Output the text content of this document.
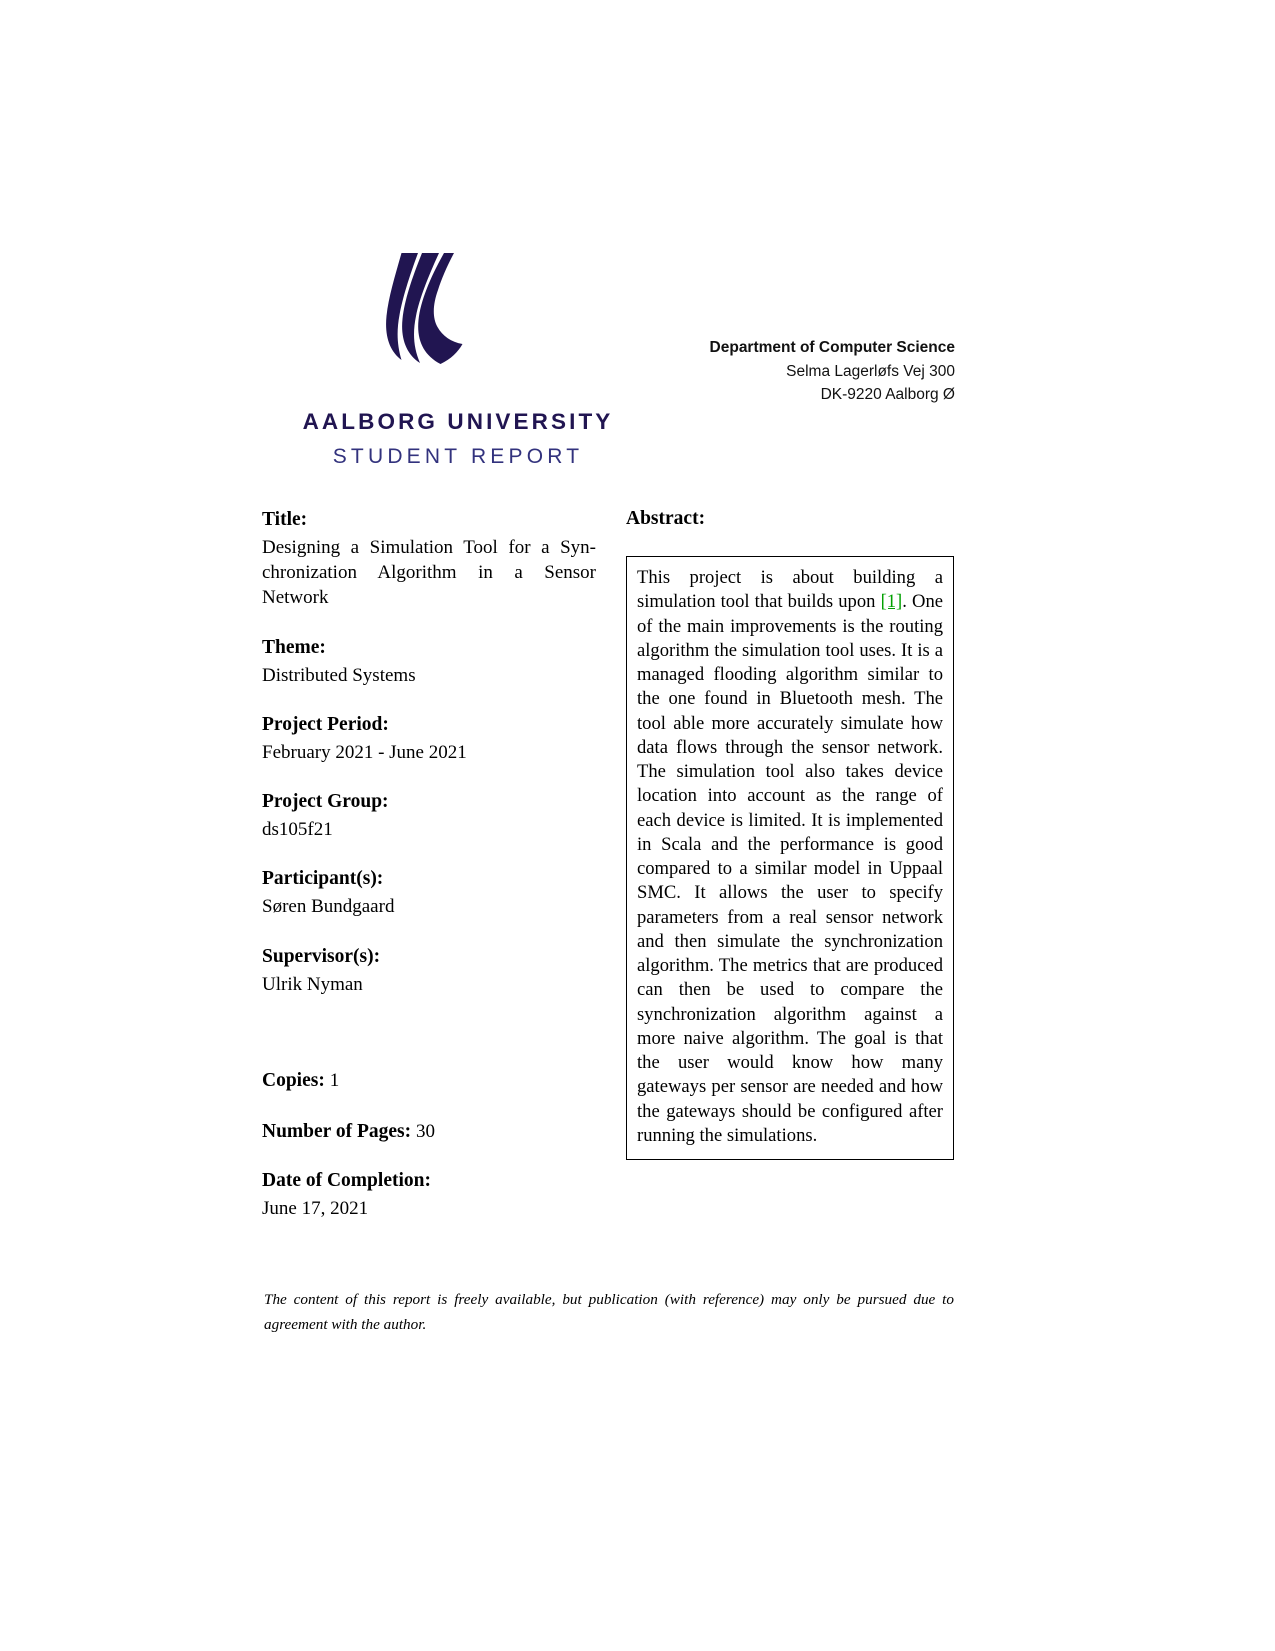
Department of Computer Science
Selma Lagerløfs Vej 300
DK-9220 Aalborg Ø
AALBORG UNIVERSITY
STUDENT REPORT
Title:
Designing a Simulation Tool for a Synchronization Algorithm in a Sensor Network
Theme:
Distributed Systems
Project Period:
February 2021 - June 2021
Project Group:
ds105f21
Participant(s):
Søren Bundgaard
Supervisor(s):
Ulrik Nyman
Copies: 1
Number of Pages: 30
Date of Completion:
June 17, 2021
Abstract:
This project is about building a simulation tool that builds upon [1]. One of the main improvements is the routing algorithm the simulation tool uses. It is a managed flooding algorithm similar to the one found in Bluetooth mesh. The tool able more accurately simulate how data flows through the sensor network. The simulation tool also takes device location into account as the range of each device is limited. It is implemented in Scala and the performance is good compared to a similar model in Uppaal SMC. It allows the user to specify parameters from a real sensor network and then simulate the synchronization algorithm. The metrics that are produced can then be used to compare the synchronization algorithm against a more naive algorithm. The goal is that the user would know how many gateways per sensor are needed and how the gateways should be configured after running the simulations.
The content of this report is freely available, but publication (with reference) may only be pursued due to agreement with the author.
